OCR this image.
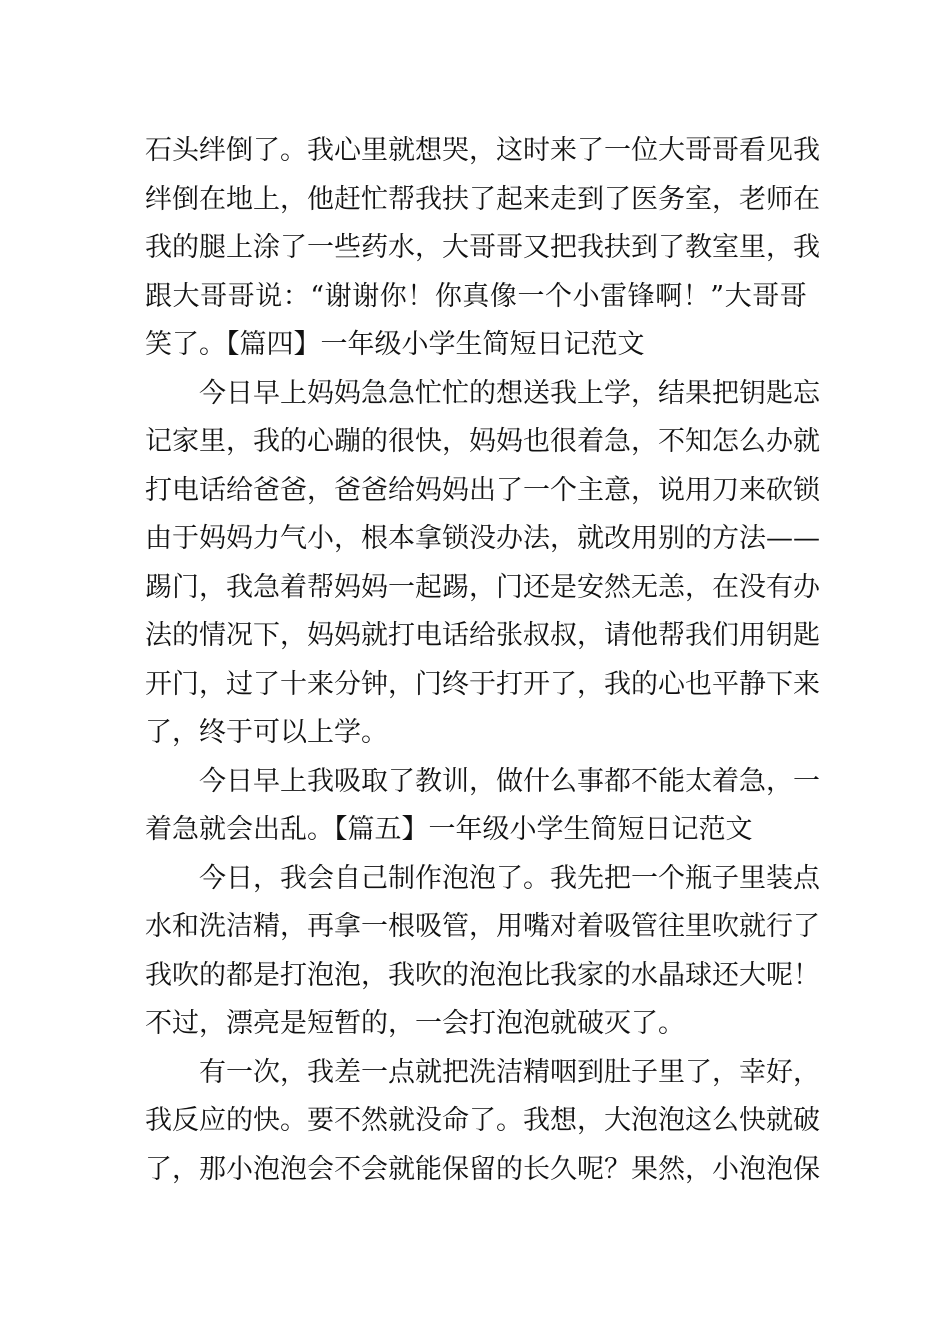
石 头 绊 倒 了 。 我 心 里 就 想 哭 ， 这 时 来 了 一 位 大 哥 哥 看 见 我
绊 倒 在 地 上 ， 他 赶 忙 帮 我 扶 了 起 来 走 到 了 医 务 室 ， 老 师 在
我 的 腿 上 涂 了 一 些 药 水 ， 大 哥 哥 又 把 我 扶 到 了 教 室 里 ， 我
跟 大 哥 哥 说 ： “ 谢 谢 你 ！ 你 真 像 一 个 小 雷 锋 啊 ！ ” 大 哥 哥
笑了。【篇四】一年级小学生简短日记范文
今 日 早 上 妈 妈 急 急 忙 忙 的 想 送 我 上 学 ， 结 果 把 钥 匙 忘
记 家 里 ， 我 的 心 蹦 的 很 快 ， 妈 妈 也 很 着 急 ， 不 知 怎 么 办 就
打 电 话 给 爸 爸 ， 爸 爸 给 妈 妈 出 了 一 个 主 意 ， 说 用 刀 来 砍 锁
由 于 妈 妈 力 气 小 ， 根 本 拿 锁 没 办 法 ， 就 改 用 别 的 方 法 — —
踢 门 ， 我 急 着 帮 妈 妈 一 起 踢 ， 门 还 是 安 然 无 恙 ， 在 没 有 办
法 的 情 况 下 ， 妈 妈 就 打 电 话 给 张 叔 叔 ， 请 他 帮 我 们 用 钥 匙
开 门 ， 过 了 十 来 分 钟 ， 门 终 于 打 开 了 ， 我 的 心 也 平 静 下 来
了，终于可以上学。
今 日 早 上 我 吸 取 了 教 训 ， 做 什 么 事 都 不 能 太 着 急 ， 一
着急就会出乱。【篇五】一年级小学生简短日记范文
今 日 ， 我 会 自 己 制 作 泡 泡 了 。 我 先 把 一 个 瓶 子 里 装 点
水 和 洗 洁 精 ， 再 拿 一 根 吸 管 ， 用 嘴 对 着 吸 管 往 里 吹 就 行 了
我 吹 的 都 是 打 泡 泡 ， 我 吹 的 泡 泡 比 我 家 的 水 晶 球 还 大 呢 ！
不过，漂亮是短暂的，一会打泡泡就破灭了。
有 一 次 ， 我 差 一 点 就 把 洗 洁 精 咽 到 肚 子 里 了 ， 幸 好 ，
我 反 应 的 快 。 要 不 然 就 没 命 了 。 我 想 ， 大 泡 泡 这 么 快 就 破
了 ， 那 小 泡 泡 会 不 会 就 能 保 留 的 长 久 呢 ？ 果 然 ， 小 泡 泡 保
